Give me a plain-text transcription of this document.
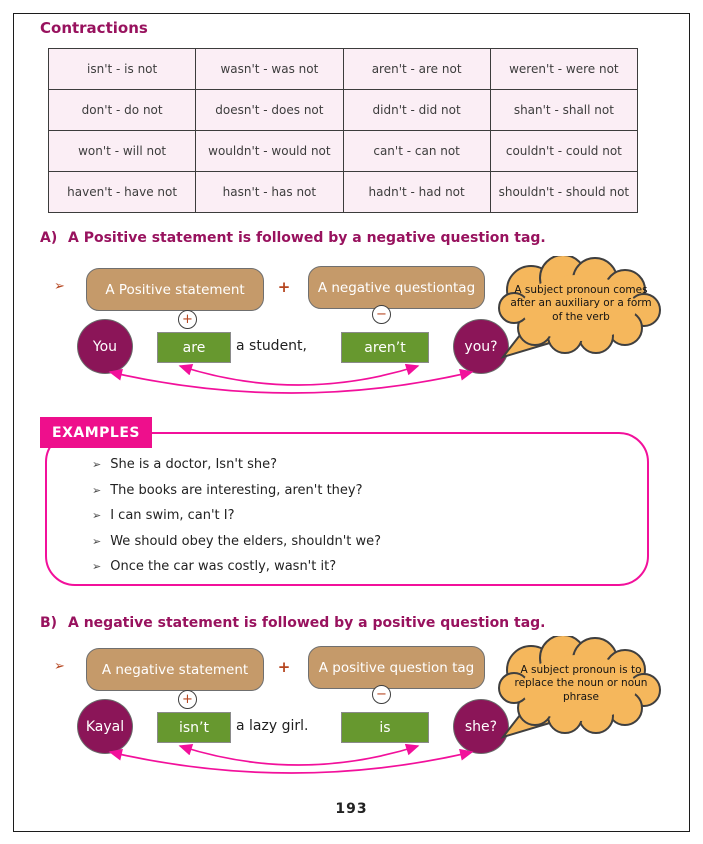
Contractions
isn't - is not	wasn't - was not	aren't - are not	weren't - were not
don't - do not	doesn't - does not	didn't - did not	shan't - shall not
won't - will not	wouldn't - would not	can't - can not	couldn't - could not
haven't - have not	hasn't - has not	hadn't - had not	shouldn't - should not
A) A Positive statement is followed by a negative question tag.
➢	A Positive statement	+	A negative questiontag
+	−
You	are	a student,	aren’t	you?
A subject pronoun comes after an auxiliary or a form of the verb
EXAMPLES
➢ She is a doctor, Isn't she?
➢ The books are interesting, aren't they?
➢ I can swim, can't I?
➢ We should obey the elders, shouldn't we?
➢ Once the car was costly, wasn't it?
B) A negative statement is followed by a positive question tag.
➢	A negative statement	+	A positive question tag
+	−
Kayal	isn’t	a lazy girl.	is	she?
A subject pronoun is to replace the noun or noun phrase
193
